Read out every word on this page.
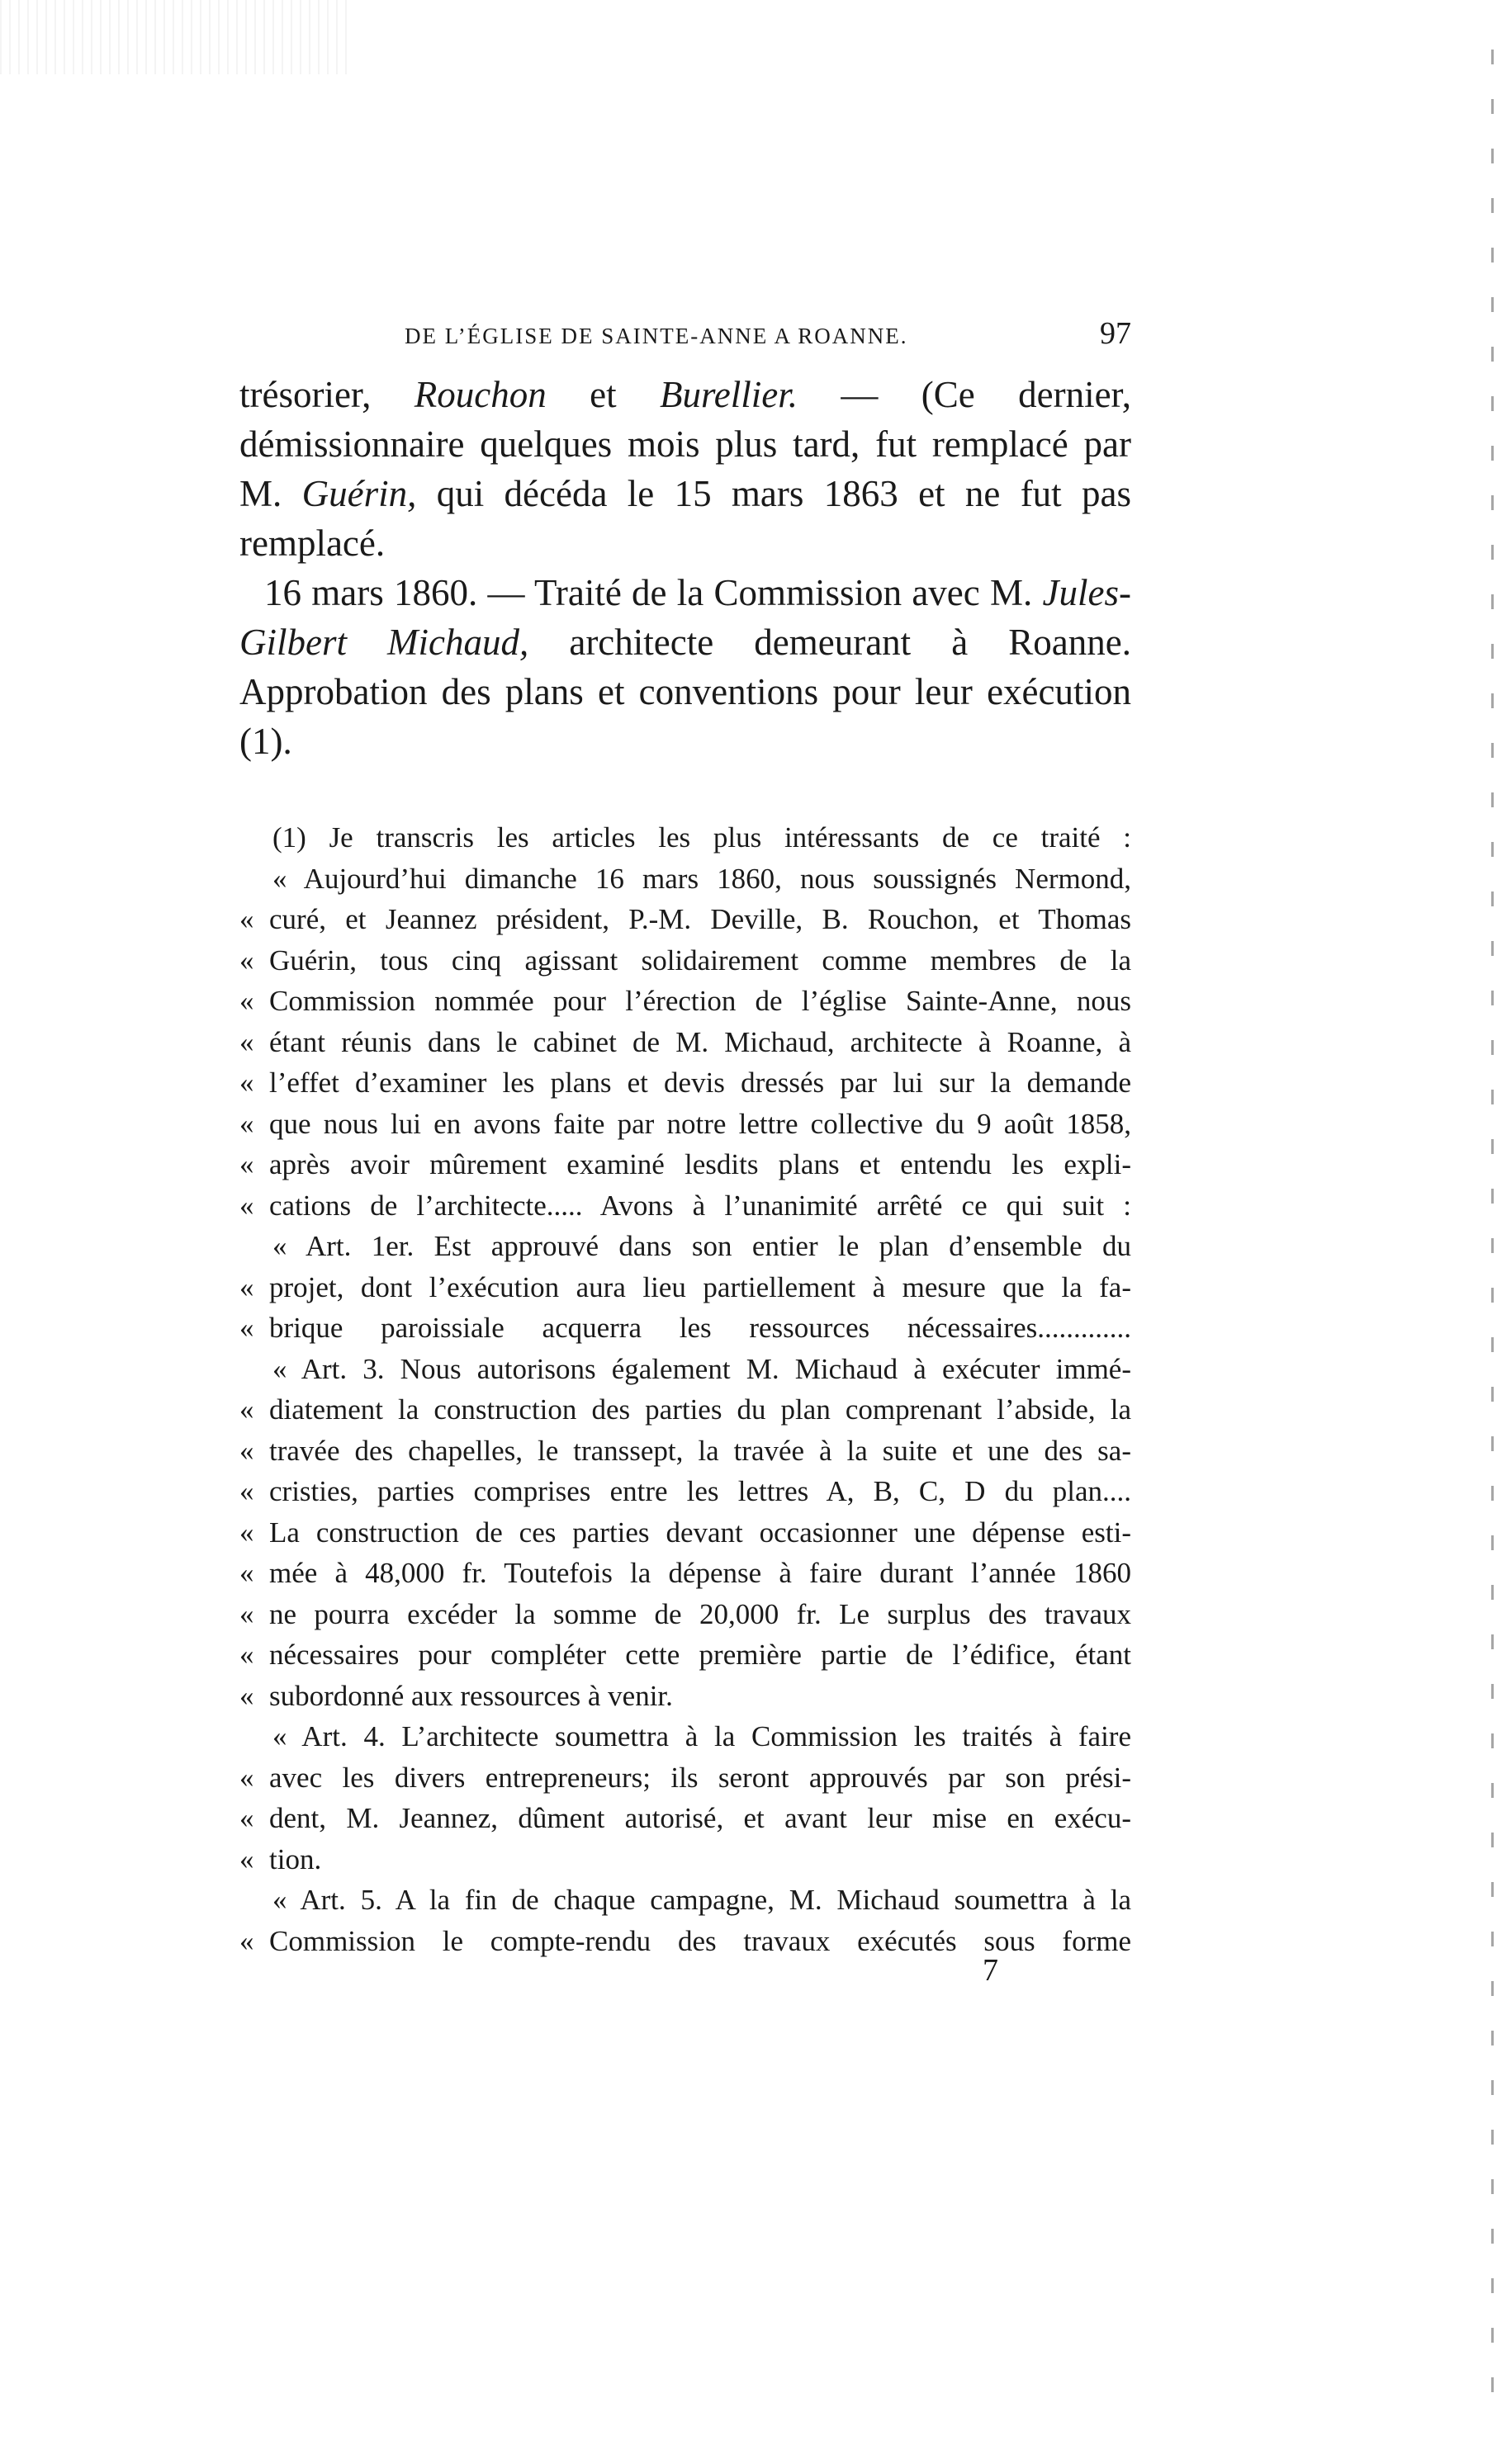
DE L’ÉGLISE DE SAINTE-ANNE A ROANNE.	97

trésorier, Rouchon et Burellier. — (Ce dernier, démissionnaire quelques mois plus tard, fut remplacé par M. Guérin, qui décéda le 15 mars 1863 et ne fut pas remplacé.

16 mars 1860. — Traité de la Commission avec M. Jules-Gilbert Michaud, architecte demeurant à Roanne. Approbation des plans et conventions pour leur exécution (1).

(1) Je transcris les articles les plus intéressants de ce traité :
« Aujourd’hui dimanche 16 mars 1860, nous soussignés Nermond,
« curé, et Jeannez président, P.-M. Deville, B. Rouchon, et Thomas
« Guérin, tous cinq agissant solidairement comme membres de la
« Commission nommée pour l’érection de l’église Sainte-Anne, nous
« étant réunis dans le cabinet de M. Michaud, architecte à Roanne, à
« l’effet d’examiner les plans et devis dressés par lui sur la demande
« que nous lui en avons faite par notre lettre collective du 9 août 1858,
« après avoir mûrement examiné lesdits plans et entendu les expli-
« cations de l’architecte..... Avons à l’unanimité arrêté ce qui suit :
« Art. 1er. Est approuvé dans son entier le plan d’ensemble du
« projet, dont l’exécution aura lieu partiellement à mesure que la fa-
« brique paroissiale acquerra les ressources nécessaires.............
« Art. 3. Nous autorisons également M. Michaud à exécuter immé-
« diatement la construction des parties du plan comprenant l’abside, la
« travée des chapelles, le transsept, la travée à la suite et une des sa-
« cristies, parties comprises entre les lettres A, B, C, D du plan....
« La construction de ces parties devant occasionner une dépense esti-
« mée à 48,000 fr. Toutefois la dépense à faire durant l’année 1860
« ne pourra excéder la somme de 20,000 fr. Le surplus des travaux
« nécessaires pour compléter cette première partie de l’édifice, étant
« subordonné aux ressources à venir.
« Art. 4. L’architecte soumettra à la Commission les traités à faire
« avec les divers entrepreneurs; ils seront approuvés par son prési-
« dent, M. Jeannez, dûment autorisé, et avant leur mise en exécu-
« tion.
« Art. 5. A la fin de chaque campagne, M. Michaud soumettra à la
« Commission le compte-rendu des travaux exécutés sous forme
7
